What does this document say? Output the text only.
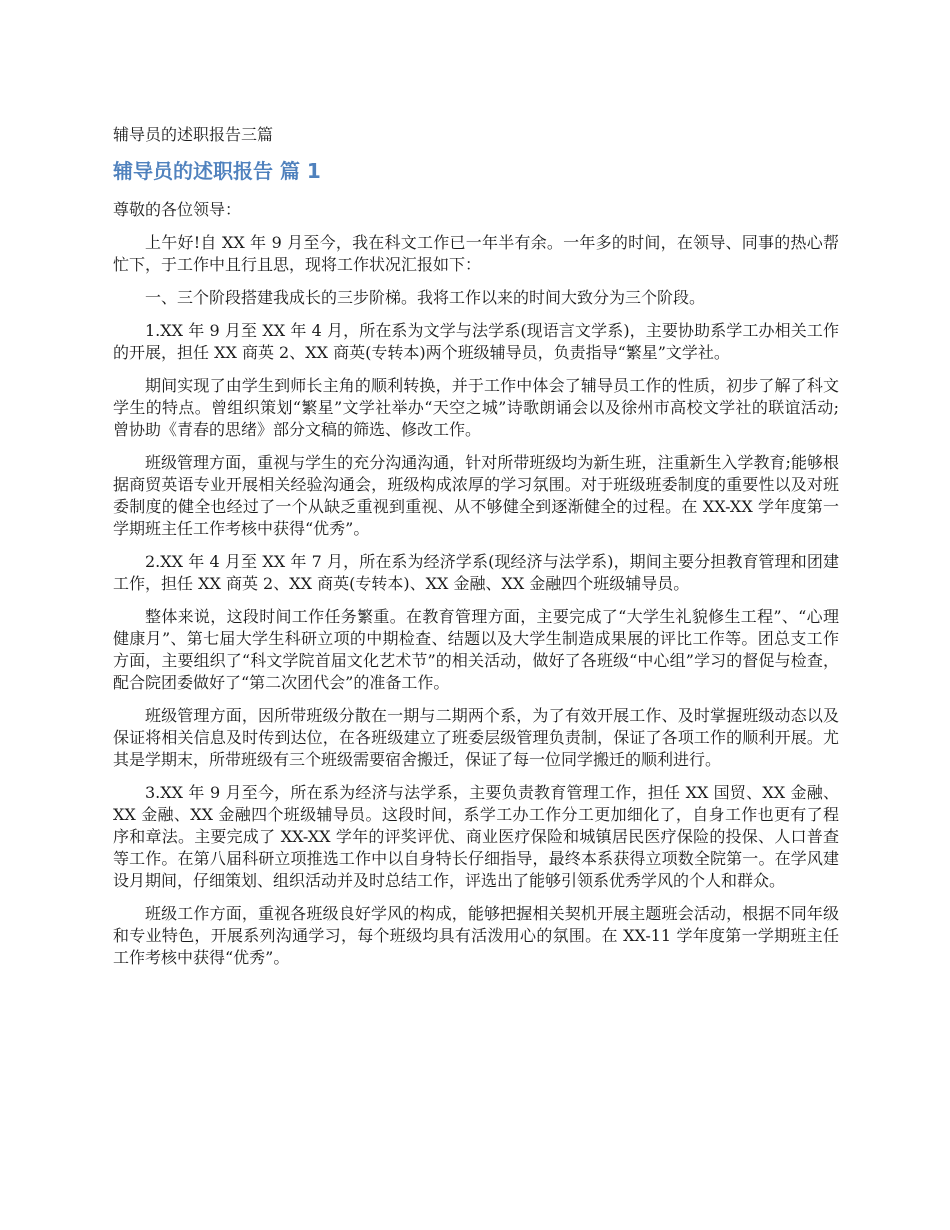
辅导员的述职报告三篇
辅导员的述职报告 篇 1
尊敬的各位领导：

上午好!自 XX 年 9 月至今，我在科文工作已一年半有余。一年多的时间，在领导、同事的热心帮忙下，于工作中且行且思，现将工作状况汇报如下：

一、三个阶段搭建我成长的三步阶梯。我将工作以来的时间大致分为三个阶段。

1.XX 年 9 月至 XX 年 4 月，所在系为文学与法学系(现语言文学系)，主要协助系学工办相关工作的开展，担任 XX 商英 2、XX 商英(专转本)两个班级辅导员，负责指导“繁星”文学社。

期间实现了由学生到师长主角的顺利转换，并于工作中体会了辅导员工作的性质，初步了解了科文学生的特点。曾组织策划“繁星”文学社举办“天空之城”诗歌朗诵会以及徐州市高校文学社的联谊活动;曾协助《青春的思绪》部分文稿的筛选、修改工作。

班级管理方面，重视与学生的充分沟通沟通，针对所带班级均为新生班，注重新生入学教育;能够根据商贸英语专业开展相关经验沟通会，班级构成浓厚的学习氛围。对于班级班委制度的重要性以及对班委制度的健全也经过了一个从缺乏重视到重视、从不够健全到逐渐健全的过程。在 XX-XX 学年度第一学期班主任工作考核中获得“优秀”。

2.XX 年 4 月至 XX 年 7 月，所在系为经济学系(现经济与法学系)，期间主要分担教育管理和团建工作，担任 XX 商英 2、XX 商英(专转本)、XX 金融、XX 金融四个班级辅导员。

整体来说，这段时间工作任务繁重。在教育管理方面，主要完成了“大学生礼貌修生工程”、“心理健康月”、第七届大学生科研立项的中期检查、结题以及大学生制造成果展的评比工作等。团总支工作方面，主要组织了“科文学院首届文化艺术节”的相关活动，做好了各班级“中心组”学习的督促与检查，配合院团委做好了“第二次团代会”的准备工作。

班级管理方面，因所带班级分散在一期与二期两个系，为了有效开展工作、及时掌握班级动态以及保证将相关信息及时传到达位，在各班级建立了班委层级管理负责制，保证了各项工作的顺利开展。尤其是学期末，所带班级有三个班级需要宿舍搬迁，保证了每一位同学搬迁的顺利进行。

3.XX 年 9 月至今，所在系为经济与法学系，主要负责教育管理工作，担任 XX 国贸、XX 金融、XX 金融、XX 金融四个班级辅导员。这段时间，系学工办工作分工更加细化了，自身工作也更有了程序和章法。主要完成了 XX-XX 学年的评奖评优、商业医疗保险和城镇居民医疗保险的投保、人口普查等工作。在第八届科研立项推选工作中以自身特长仔细指导，最终本系获得立项数全院第一。在学风建设月期间，仔细策划、组织活动并及时总结工作，评选出了能够引领系优秀学风的个人和群众。

班级工作方面，重视各班级良好学风的构成，能够把握相关契机开展主题班会活动，根据不同年级和专业特色，开展系列沟通学习，每个班级均具有活泼用心的氛围。在 XX-11 学年度第一学期班主任工作考核中获得“优秀”。
